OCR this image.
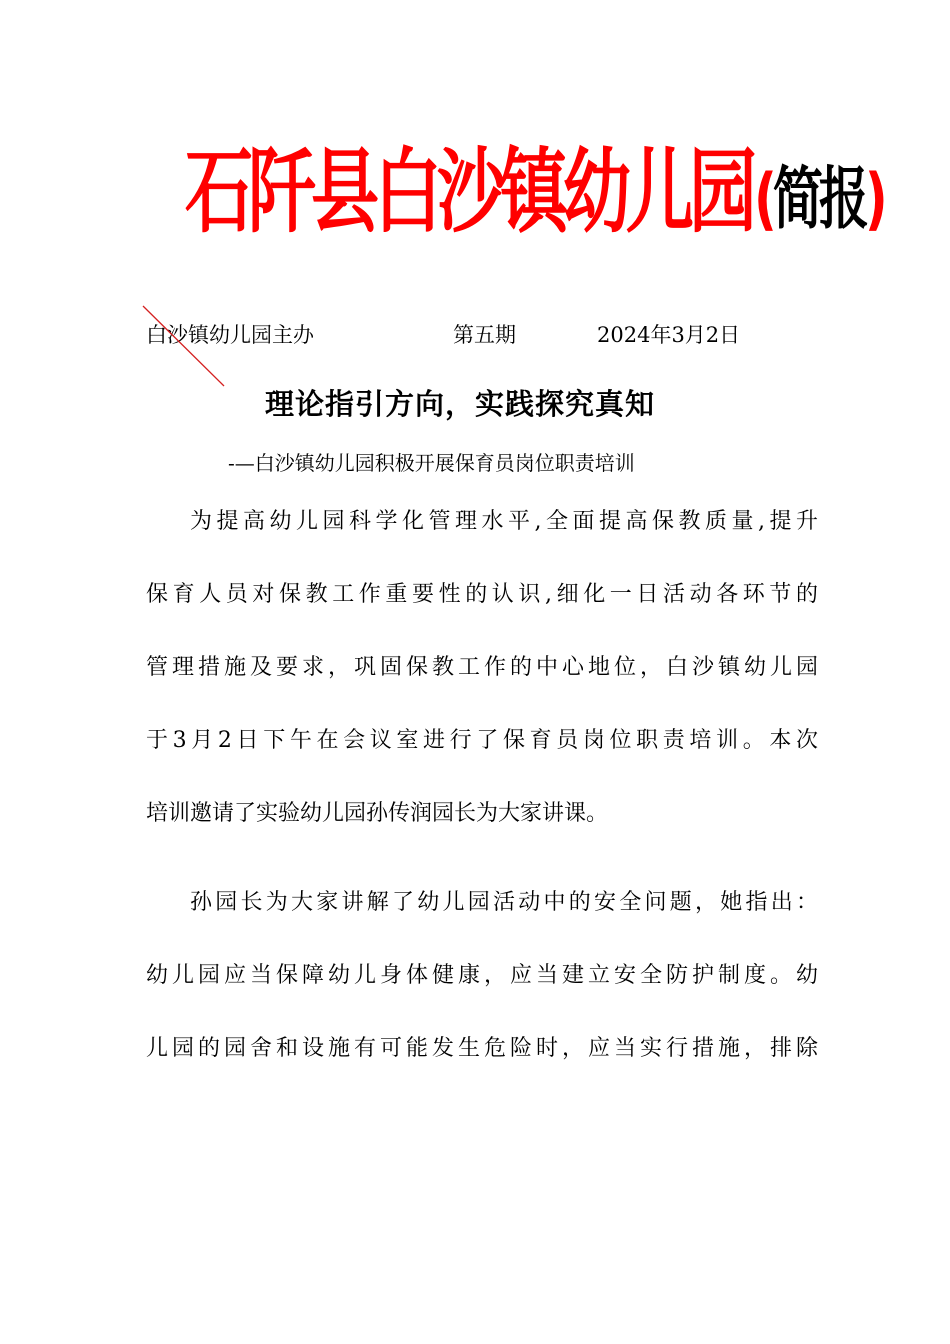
石阡县白沙镇幼儿园(简报)
白沙镇幼儿园主办	第五期	2024年3月2日
理论指引方向，实践探究真知
-—白沙镇幼儿园积极开展保育员岗位职责培训
为提高幼儿园科学化管理水平,全面提高保教质量,提升
保育人员对保教工作重要性的认识,细化一日活动各环节的
管理措施及要求，巩固保教工作的中心地位，白沙镇幼儿园
于3月2日下午在会议室进行了保育员岗位职责培训。本次
培训邀请了实验幼儿园孙传润园长为大家讲课。
孙园长为大家讲解了幼儿园活动中的安全问题，她指出：
幼儿园应当保障幼儿身体健康，应当建立安全防护制度。幼
儿园的园舍和设施有可能发生危险时，应当实行措施，排除
